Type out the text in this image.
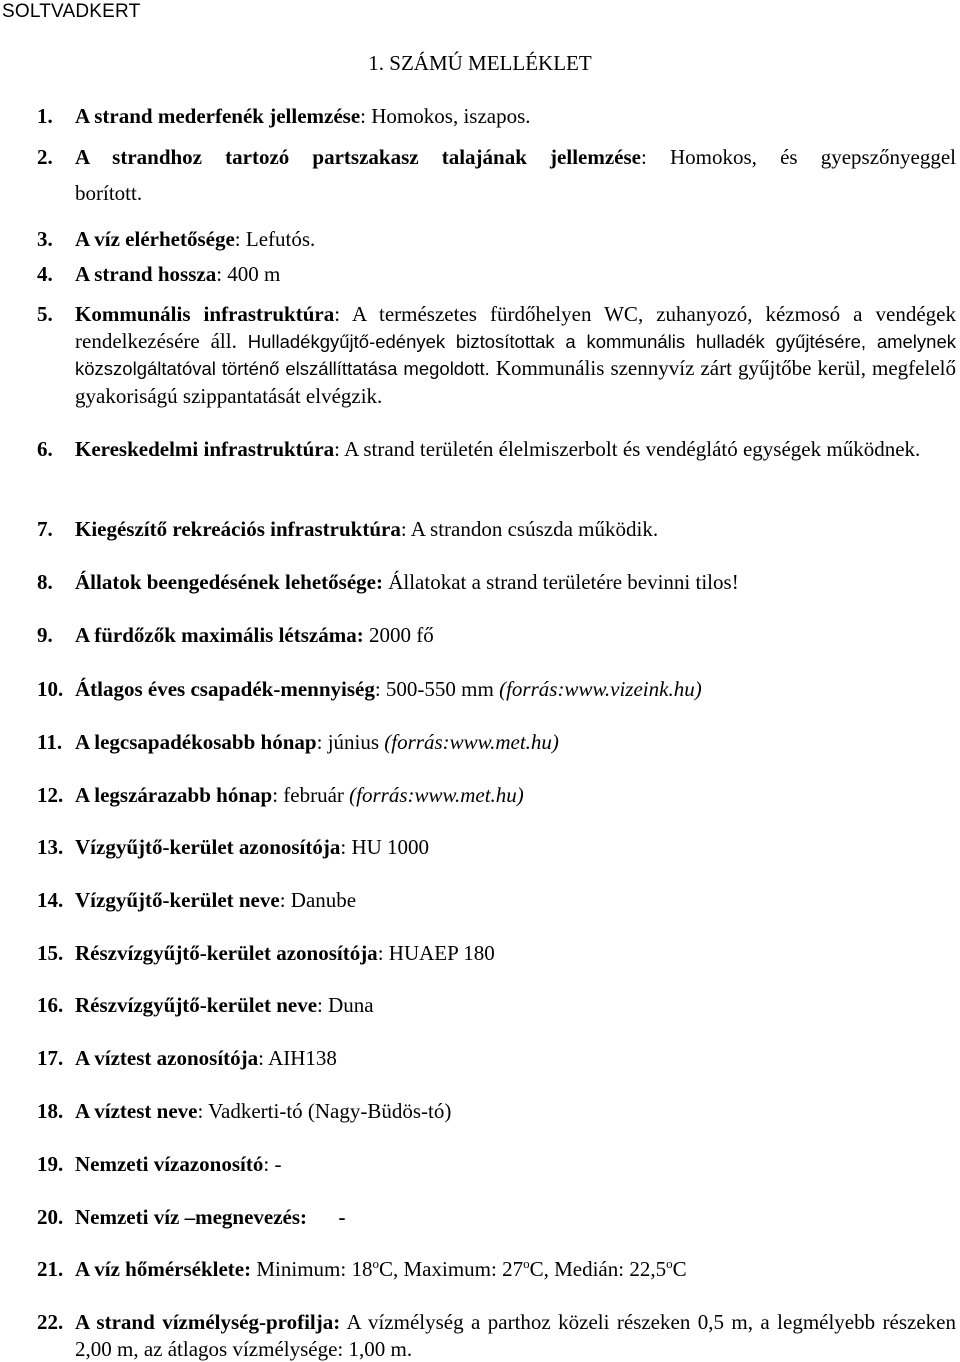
SOLTVADKERT
1. SZÁMÚ MELLÉKLET
1. A strand mederfenék jellemzése: Homokos, iszapos.
2. A strandhoz tartozó partszakasz talajának jellemzése: Homokos, és gyepszőnyeggel
borított.
3. A víz elérhetősége: Lefutós.
4. A strand hossza: 400 m
5. Kommunális infrastruktúra: A természetes fürdőhelyen WC, zuhanyozó, kézmosó a vendégek rendelkezésére áll. Hulladékgyűjtő-edények biztosítottak a kommunális hulladék gyűjtésére, amelynek közszolgáltatóval történő elszállíttatása megoldott. Kommunális szennyvíz zárt gyűjtőbe kerül, megfelelő gyakoriságú szippantatását elvégzik.
6. Kereskedelmi infrastruktúra: A strand területén élelmiszerbolt és vendéglátó egységek működnek.
7. Kiegészítő rekreációs infrastruktúra: A strandon csúszda működik.
8. Állatok beengedésének lehetősége: Állatokat a strand területére bevinni tilos!
9. A fürdőzők maximális létszáma: 2000 fő
10. Átlagos éves csapadék-mennyiség: 500-550 mm (forrás:www.vizeink.hu)
11. A legcsapadékosabb hónap: június (forrás:www.met.hu)
12. A legszárazabb hónap: február (forrás:www.met.hu)
13. Vízgyűjtő-kerület azonosítója: HU 1000
14. Vízgyűjtő-kerület neve: Danube
15. Részvízgyűjtő-kerület azonosítója: HUAEP 180
16. Részvízgyűjtő-kerület neve: Duna
17. A víztest azonosítója: AIH138
18. A víztest neve: Vadkerti-tó (Nagy-Büdös-tó)
19. Nemzeti vízazonosító: -
20. Nemzeti víz –megnevezés:      -
21. A víz hőmérséklete: Minimum: 18$^o$C, Maximum: 27$^o$C, Medián: 22,5$^o$C
22. A strand vízmélység-profilja: A vízmélység a parthoz közeli részeken 0,5 m, a legmélyebb részeken 2,00 m, az átlagos vízmélysége: 1,00 m.
